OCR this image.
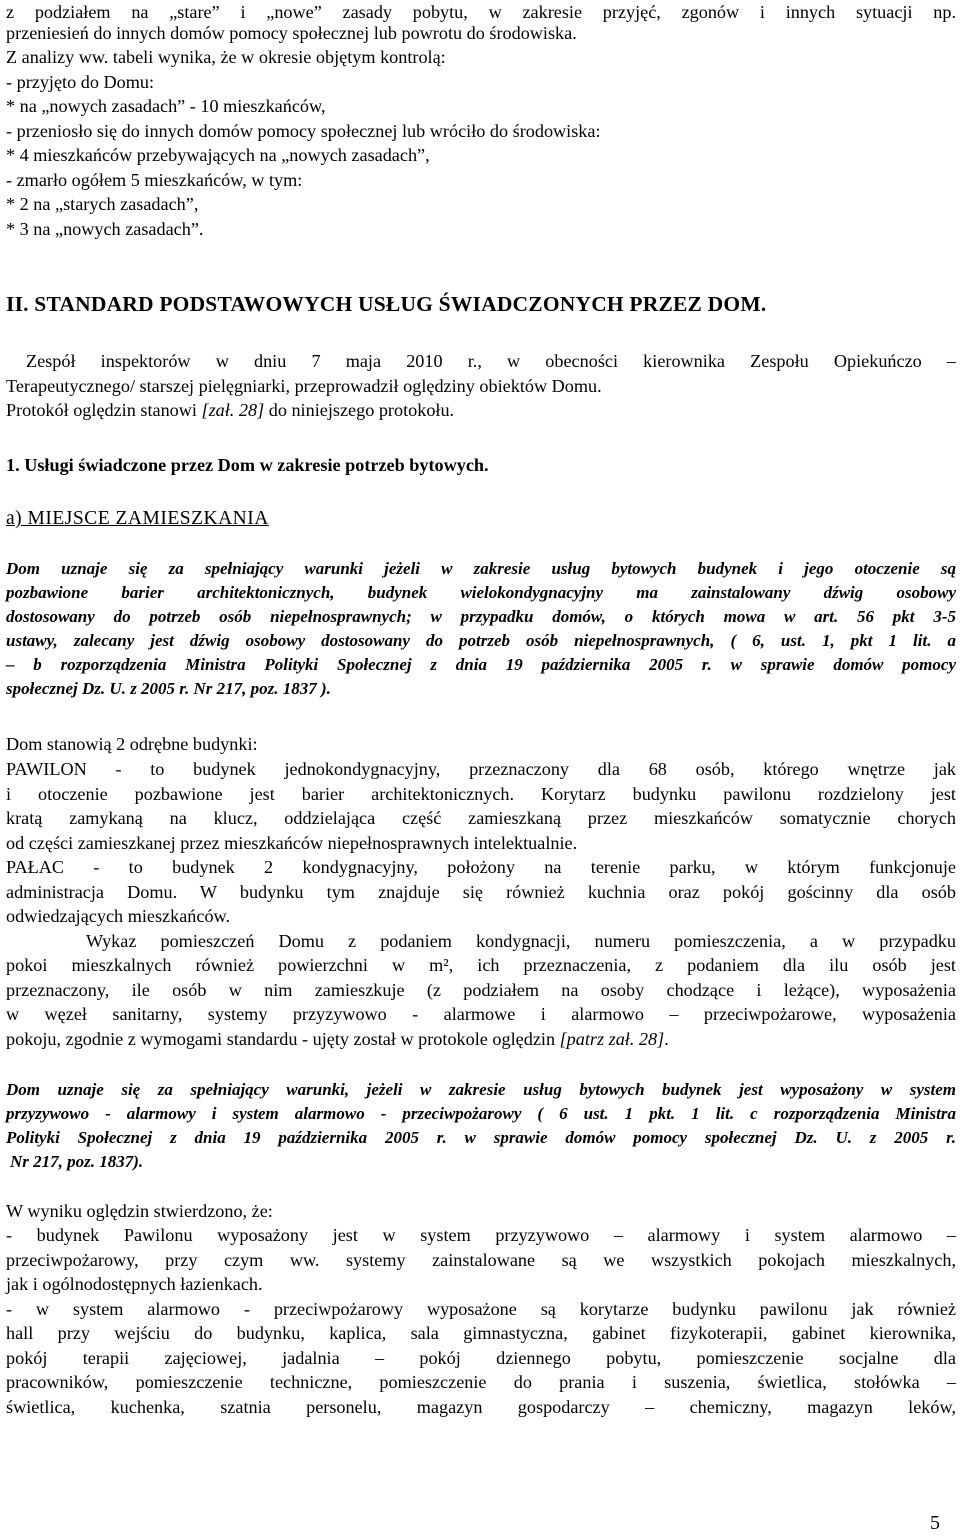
z podziałem na „stare” i „nowe” zasady pobytu, w zakresie przyjęć, zgonów i innych sytuacji np.
przeniesień do innych domów pomocy społecznej lub powrotu do środowiska.
Z analizy ww. tabeli wynika, że w okresie objętym kontrolą:
- przyjęto do Domu:
* na „nowych zasadach” - 10 mieszkańców,
- przeniosło się do innych domów pomocy społecznej lub wróciło do środowiska:
* 4 mieszkańców przebywających na „nowych zasadach”,
- zmarło ogółem 5 mieszkańców, w tym:
* 2 na „starych zasadach”,
* 3 na „nowych zasadach”.
II. STANDARD PODSTAWOWYCH USŁUG ŚWIADCZONYCH PRZEZ DOM.
Zespół inspektorów w dniu 7 maja 2010 r., w obecności kierownika Zespołu Opiekuńczo –
Terapeutycznego/ starszej pielęgniarki, przeprowadził oględziny obiektów Domu.
Protokół oględzin stanowi [zał. 28] do niniejszego protokołu.
1. Usługi świadczone przez Dom w zakresie potrzeb bytowych.
a) MIEJSCE ZAMIESZKANIA
Dom uznaje się za spełniający warunki jeżeli w zakresie usług bytowych budynek i jego otoczenie są
pozbawione barier architektonicznych, budynek wielokondygnacyjny ma zainstalowany dźwig osobowy
dostosowany do potrzeb osób niepełnosprawnych; w przypadku domów, o których mowa w art. 56 pkt 3-5
ustawy, zalecany jest dźwig osobowy dostosowany do potrzeb osób niepełnosprawnych, ( 6, ust. 1, pkt 1 lit. a
– b rozporządzenia Ministra Polityki Społecznej z dnia 19 października 2005 r. w sprawie domów pomocy
społecznej Dz. U. z 2005 r. Nr 217, poz. 1837 ).
Dom stanowią 2 odrębne budynki:
PAWILON - to budynek jednokondygnacyjny, przeznaczony dla 68 osób, którego wnętrze jak
i otoczenie pozbawione jest barier architektonicznych. Korytarz budynku pawilonu rozdzielony jest
kratą zamykaną na klucz, oddzielająca część zamieszkaną przez mieszkańców somatycznie chorych
od części zamieszkanej przez mieszkańców niepełnosprawnych intelektualnie.
PAŁAC - to budynek 2 kondygnacyjny, położony na terenie parku, w którym funkcjonuje
administracja Domu. W budynku tym znajduje się również kuchnia oraz pokój gościnny dla osób
odwiedzających mieszkańców.
Wykaz pomieszczeń Domu z podaniem kondygnacji, numeru pomieszczenia, a w przypadku
pokoi mieszkalnych również powierzchni w m², ich przeznaczenia, z podaniem dla ilu osób jest
przeznaczony, ile osób w nim zamieszkuje (z podziałem na osoby chodzące i leżące), wyposażenia
w węzeł sanitarny, systemy przyzywowo - alarmowe i alarmowo – przeciwpożarowe, wyposażenia
pokoju, zgodnie z wymogami standardu - ujęty został w protokole oględzin [patrz zał. 28].
Dom uznaje się za spełniający warunki, jeżeli w zakresie usług bytowych budynek jest wyposażony w system
przyzywowo - alarmowy i system alarmowo - przeciwpożarowy ( 6 ust. 1 pkt. 1 lit. c rozporządzenia Ministra
Polityki Społecznej z dnia 19 października 2005 r. w sprawie domów pomocy społecznej Dz. U. z 2005 r.
Nr 217, poz. 1837).
W wyniku oględzin stwierdzono, że:
- budynek Pawilonu wyposażony jest w system przyzywowo – alarmowy i system alarmowo –
przeciwpożarowy, przy czym ww. systemy zainstalowane są we wszystkich pokojach mieszkalnych,
jak i ogólnodostępnych łazienkach.
- w system alarmowo - przeciwpożarowy wyposażone są korytarze budynku pawilonu jak również
hall przy wejściu do budynku, kaplica, sala gimnastyczna, gabinet fizykoterapii, gabinet kierownika,
pokój terapii zajęciowej, jadalnia – pokój dziennego pobytu, pomieszczenie socjalne dla
pracowników, pomieszczenie techniczne, pomieszczenie do prania i suszenia, świetlica, stołówka –
świetlica, kuchenka, szatnia personelu, magazyn gospodarczy – chemiczny, magazyn leków,
5
